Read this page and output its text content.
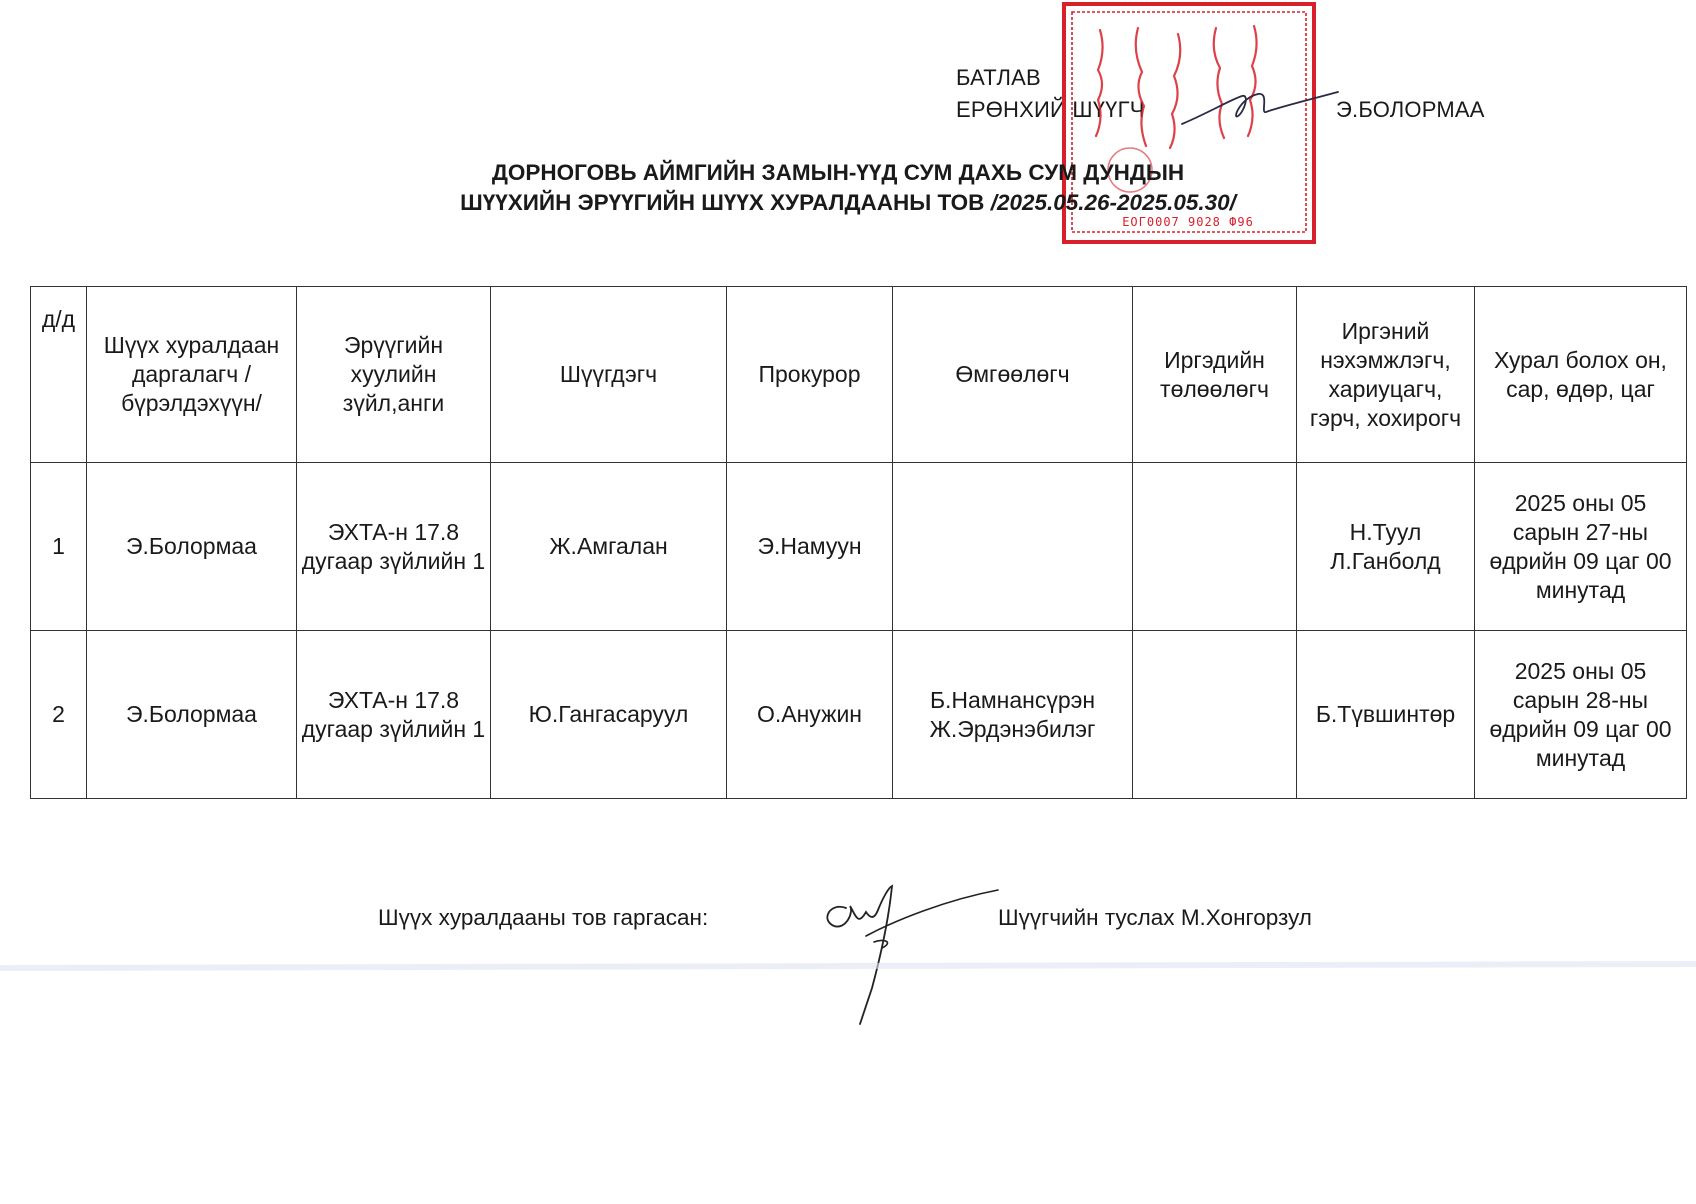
БАТЛАВ
ЕРӨНХИЙ ШҮҮГЧ	Э.БОЛОРМАА
ЕОГ0007 9028 Ф96
ДОРНОГОВЬ АЙМГИЙН ЗАМЫН-ҮҮД СУМ ДАХЬ СУМ ДУНДЫН
ШҮҮХИЙН ЭРҮҮГИЙН ШҮҮХ ХУРАЛДААНЫ ТОВ /2025.05.26-2025.05.30/
д/д	Шүүх хуралдаан даргалагч /бүрэлдэхүүн/	Эрүүгийн хуулийн зүйл,анги	Шүүгдэгч	Прокурор	Өмгөөлөгч	Иргэдийн төлөөлөгч	Иргэний нэхэмжлэгч, хариуцагч, гэрч, хохирогч	Хурал болох он, сар, өдөр, цаг
1	Э.Болормаа	ЭХТА-н 17.8 дугаар зүйлийн 1	Ж.Амгалан	Э.Намуун			Н.Туул Л.Ганболд	2025 оны 05 сарын 27-ны өдрийн 09 цаг 00 минутад
2	Э.Болормаа	ЭХТА-н 17.8 дугаар зүйлийн 1	Ю.Гангасаруул	О.Анужин	Б.Намнансүрэн Ж.Эрдэнэбилэг		Б.Түвшинтөр	2025 оны 05 сарын 28-ны өдрийн 09 цаг 00 минутад
Шүүх хуралдааны тов гаргасан:	Шүүгчийн туслах М.Хонгорзул
